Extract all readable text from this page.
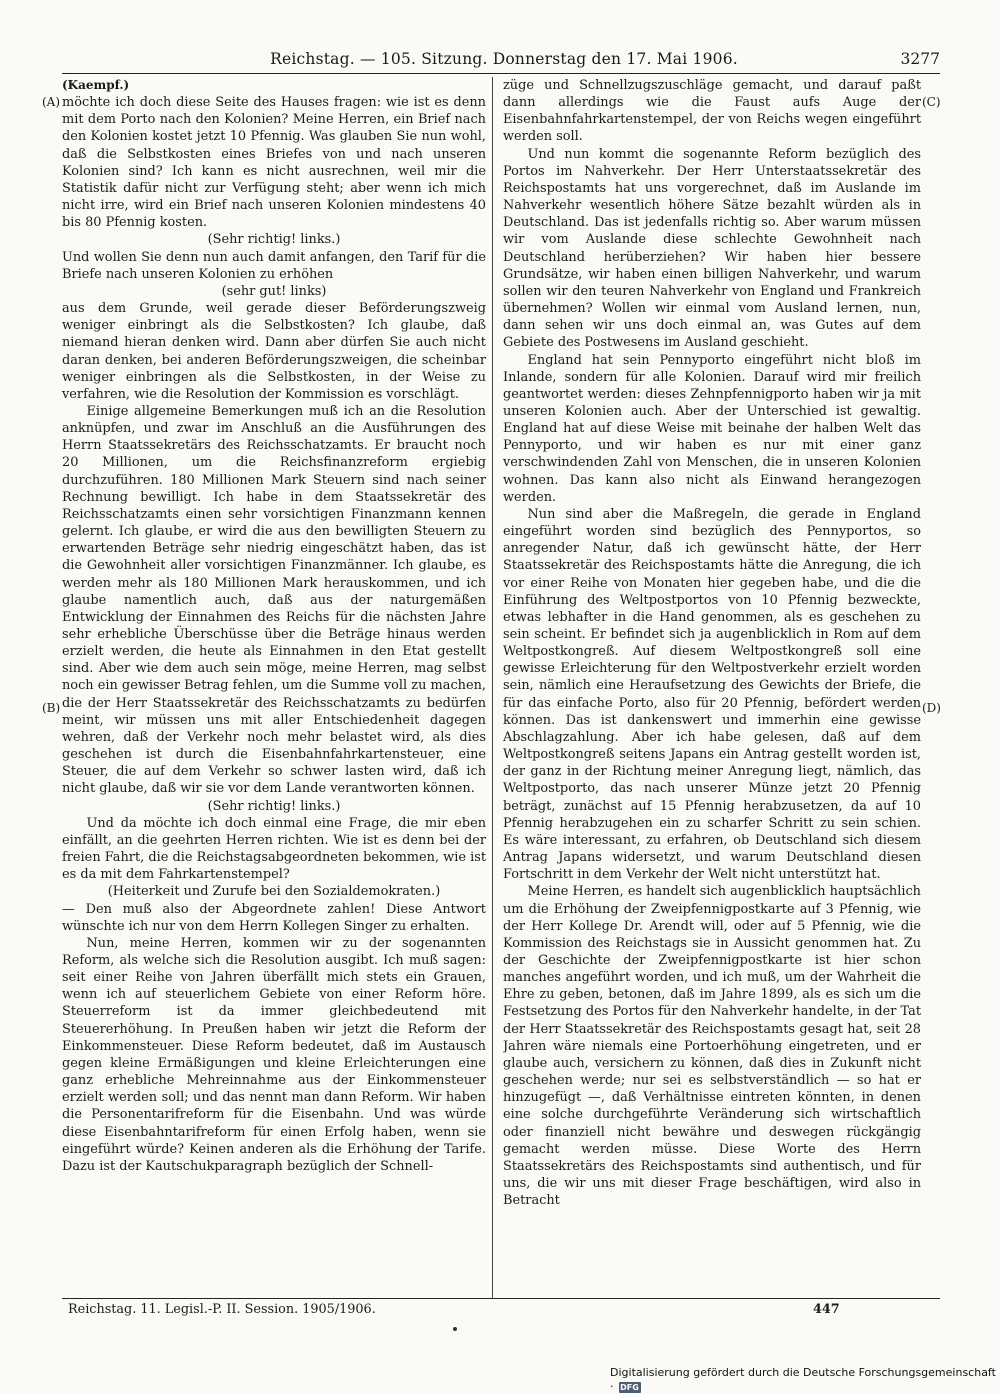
Reichstag. — 105. Sitzung. Donnerstag den 17. Mai 1906.	3277

(Kaempf.)

möchte ich doch diese Seite des Hauses fragen: wie ist es denn mit dem Porto nach den Kolonien? Meine Herren, ein Brief nach den Kolonien kostet jetzt 10 Pfennig. Was glauben Sie nun wohl, daß die Selbstkosten eines Briefes von und nach unseren Kolonien sind? Ich kann es nicht ausrechnen, weil mir die Statistik dafür nicht zur Verfügung steht; aber wenn ich mich nicht irre, wird ein Brief nach unseren Kolonien mindestens 40 bis 80 Pfennig kosten.

(Sehr richtig! links.)

Und wollen Sie denn nun auch damit anfangen, den Tarif für die Briefe nach unseren Kolonien zu erhöhen

(sehr gut! links)

aus dem Grunde, weil gerade dieser Beförderungszweig weniger einbringt als die Selbstkosten? Ich glaube, daß niemand hieran denken wird. Dann aber dürfen Sie auch nicht daran denken, bei anderen Beförderungszweigen, die scheinbar weniger einbringen als die Selbstkosten, in der Weise zu verfahren, wie die Resolution der Kommission es vorschlägt.

Einige allgemeine Bemerkungen muß ich an die Resolution anknüpfen, und zwar im Anschluß an die Ausführungen des Herrn Staatssekretärs des Reichsschatzamts. Er braucht noch 20 Millionen, um die Reichsfinanzreform ergiebig durchzuführen. 180 Millionen Mark Steuern sind nach seiner Rechnung bewilligt. Ich habe in dem Staatssekretär des Reichsschatzamts einen sehr vorsichtigen Finanzmann kennen gelernt. Ich glaube, er wird die aus den bewilligten Steuern zu erwartenden Beträge sehr niedrig eingeschätzt haben, das ist die Gewohnheit aller vorsichtigen Finanzmänner. Ich glaube, es werden mehr als 180 Millionen Mark herauskommen, und ich glaube namentlich auch, daß aus der naturgemäßen Entwicklung der Einnahmen des Reichs für die nächsten Jahre sehr erhebliche Überschüsse über die Beträge hinaus werden erzielt werden, die heute als Einnahmen in den Etat gestellt sind. Aber wie dem auch sein möge, meine Herren, mag selbst noch ein gewisser Betrag fehlen, um die Summe voll zu machen, die der Herr Staatssekretär des Reichsschatzamts zu bedürfen meint, wir müssen uns mit aller Entschiedenheit dagegen wehren, daß der Verkehr noch mehr belastet wird, als dies geschehen ist durch die Eisenbahnfahrkartensteuer, eine Steuer, die auf dem Verkehr so schwer lasten wird, daß ich nicht glaube, daß wir sie vor dem Lande verantworten können.

(Sehr richtig! links.)

Und da möchte ich doch einmal eine Frage, die mir eben einfällt, an die geehrten Herren richten. Wie ist es denn bei der freien Fahrt, die die Reichstagsabgeordneten bekommen, wie ist es da mit dem Fahrkartenstempel?

(Heiterkeit und Zurufe bei den Sozialdemokraten.)

— Den muß also der Abgeordnete zahlen! Diese Antwort wünschte ich nur von dem Herrn Kollegen Singer zu erhalten.

Nun, meine Herren, kommen wir zu der sogenannten Reform, als welche sich die Resolution ausgibt. Ich muß sagen: seit einer Reihe von Jahren überfällt mich stets ein Grauen, wenn ich auf steuerlichem Gebiete von einer Reform höre. Steuerreform ist da immer gleichbedeutend mit Steuererhöhung. In Preußen haben wir jetzt die Reform der Einkommensteuer. Diese Reform bedeutet, daß im Austausch gegen kleine Ermäßigungen und kleine Erleichterungen eine ganz erhebliche Mehreinnahme aus der Einkommensteuer erzielt werden soll; und das nennt man dann Reform. Wir haben die Personentarifreform für die Eisenbahn. Und was würde diese Eisenbahntarifreform für einen Erfolg haben, wenn sie eingeführt würde? Keinen anderen als die Erhöhung der Tarife. Dazu ist der Kautschukparagraph bezüglich der Schnell-

züge und Schnellzugszuschläge gemacht, und darauf paßt dann allerdings wie die Faust aufs Auge der Eisenbahnfahrkartenstempel, der von Reichs wegen eingeführt werden soll.

Und nun kommt die sogenannte Reform bezüglich des Portos im Nahverkehr. Der Herr Unterstaatssekretär des Reichspostamts hat uns vorgerechnet, daß im Auslande im Nahverkehr wesentlich höhere Sätze bezahlt würden als in Deutschland. Das ist jedenfalls richtig so. Aber warum müssen wir vom Auslande diese schlechte Gewohnheit nach Deutschland herüberziehen? Wir haben hier bessere Grundsätze, wir haben einen billigen Nahverkehr, und warum sollen wir den teuren Nahverkehr von England und Frankreich übernehmen? Wollen wir einmal vom Ausland lernen, nun, dann sehen wir uns doch einmal an, was Gutes auf dem Gebiete des Postwesens im Ausland geschieht.

England hat sein Pennyporto eingeführt nicht bloß im Inlande, sondern für alle Kolonien. Darauf wird mir freilich geantwortet werden: dieses Zehnpfennigporto haben wir ja mit unseren Kolonien auch. Aber der Unterschied ist gewaltig. England hat auf diese Weise mit beinahe der halben Welt das Pennyporto, und wir haben es nur mit einer ganz verschwindenden Zahl von Menschen, die in unseren Kolonien wohnen. Das kann also nicht als Einwand herangezogen werden.

Nun sind aber die Maßregeln, die gerade in England eingeführt worden sind bezüglich des Pennyportos, so anregender Natur, daß ich gewünscht hätte, der Herr Staatssekretär des Reichspostamts hätte die Anregung, die ich vor einer Reihe von Monaten hier gegeben habe, und die die Einführung des Weltpostportos von 10 Pfennig bezweckte, etwas lebhafter in die Hand genommen, als es geschehen zu sein scheint. Er befindet sich ja augenblicklich in Rom auf dem Weltpostkongreß. Auf diesem Weltpostkongreß soll eine gewisse Erleichterung für den Weltpostverkehr erzielt worden sein, nämlich eine Heraufsetzung des Gewichts der Briefe, die für das einfache Porto, also für 20 Pfennig, befördert werden können. Das ist dankenswert und immerhin eine gewisse Abschlagzahlung. Aber ich habe gelesen, daß auf dem Weltpostkongreß seitens Japans ein Antrag gestellt worden ist, der ganz in der Richtung meiner Anregung liegt, nämlich, das Weltpostporto, das nach unserer Münze jetzt 20 Pfennig beträgt, zunächst auf 15 Pfennig herabzusetzen, da auf 10 Pfennig herabzugehen ein zu scharfer Schritt zu sein schien. Es wäre interessant, zu erfahren, ob Deutschland sich diesem Antrag Japans widersetzt, und warum Deutschland diesen Fortschritt in dem Verkehr der Welt nicht unterstützt hat.

Meine Herren, es handelt sich augenblicklich hauptsächlich um die Erhöhung der Zweipfennigpostkarte auf 3 Pfennig, wie der Herr Kollege Dr. Arendt will, oder auf 5 Pfennig, wie die Kommission des Reichstags sie in Aussicht genommen hat. Zu der Geschichte der Zweipfennigpostkarte ist hier schon manches angeführt worden, und ich muß, um der Wahrheit die Ehre zu geben, betonen, daß im Jahre 1899, als es sich um die Festsetzung des Portos für den Nahverkehr handelte, in der Tat der Herr Staatssekretär des Reichspostamts gesagt hat, seit 28 Jahren wäre niemals eine Portoerhöhung eingetreten, und er glaube auch, versichern zu können, daß dies in Zukunft nicht geschehen werde; nur sei es selbstverständlich — so hat er hinzugefügt —, daß Verhältnisse eintreten könnten, in denen eine solche durchgeführte Veränderung sich wirtschaftlich oder finanziell nicht bewähre und deswegen rückgängig gemacht werden müsse. Diese Worte des Herrn Staatssekretärs des Reichspostamts sind authentisch, und für uns, die wir uns mit dieser Frage beschäftigen, wird also in Betracht

(A)
(B)
(C)
(D)
Reichstag. 11. Legisl.-P. II. Session. 1905/1906.	447
Digitalisierung gefördert durch die Deutsche Forschungsgemeinschaft · DFG
